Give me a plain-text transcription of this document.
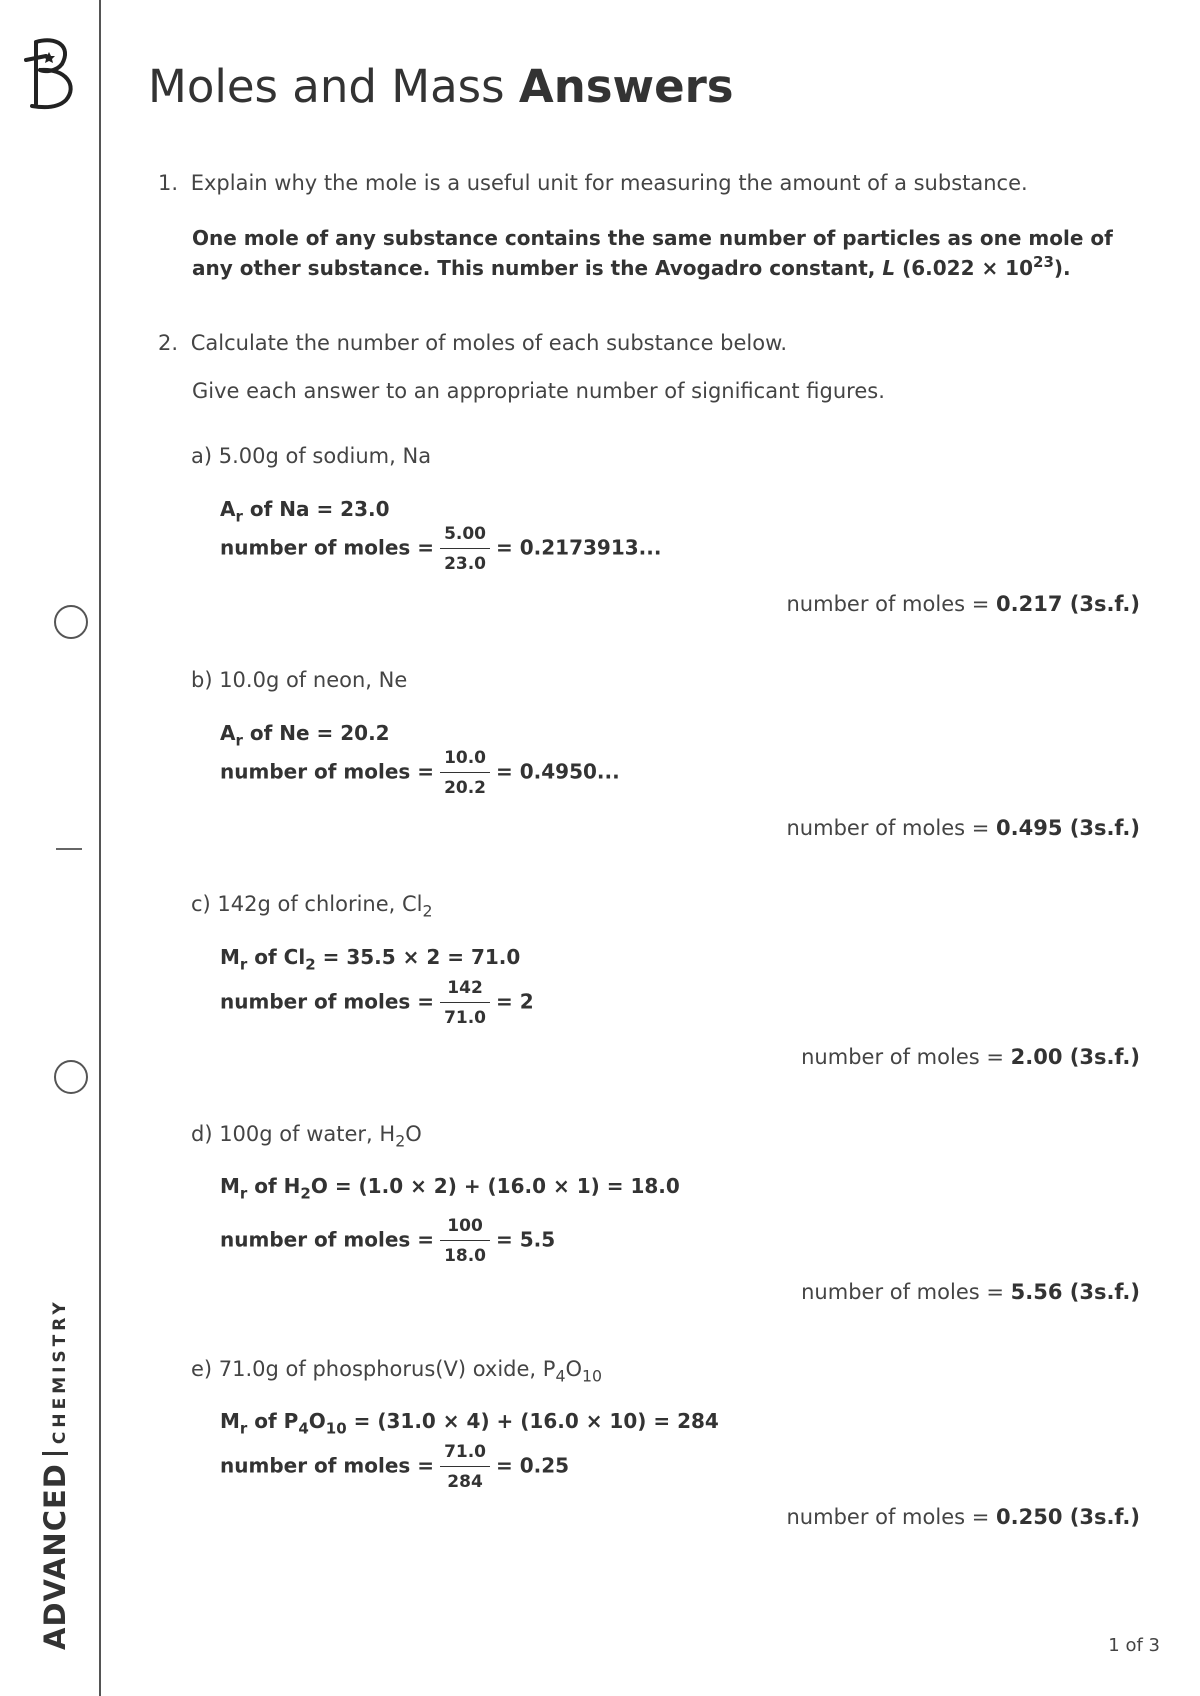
ADVANCEDCHEMISTRY
Moles and Mass Answers
1. Explain why the mole is a useful unit for measuring the amount of a substance.
One mole of any substance contains the same number of particles as one mole of
any other substance. This number is the Avogadro constant, L $(6.022 \times 10^{23})$.
2. Calculate the number of moles of each substance below.
Give each answer to an appropriate number of significant figures.
a) 5.00g of sodium, Na
$A_r$ of Na = 23.0
number of moles = $\frac{5.00}{23.0} = 0.2173913$...
number of moles = 0.217 (3s.f.)
b) 10.0g of neon, Ne
$A_r$ of Ne = 20.2
number of moles = $\frac{10.0}{20.2} = 0.4950$...
number of moles = 0.495 (3s.f.)
c) 142g of chlorine, $Cl_2$
$M_r$ of $Cl_2 = 35.5 \times 2 = 71.0$
number of moles = $\frac{142}{71.0} = 2$
number of moles = 2.00 (3s.f.)
d) 100g of water, $H_2O$
$M_r$ of $H_2O = (1.0 \times 2) + (16.0 \times 1) = 18.0$
number of moles = $\frac{100}{18.0} = 5.5$
number of moles = 5.56 (3s.f.)
e) 71.0g of phosphorus(V) oxide, $P_4O_{10}$
$M_r$ of $P_4O_{10} = (31.0 \times 4) + (16.0 \times 10) = 284$
number of moles = $\frac{71.0}{284} = 0.25$
number of moles = 0.250 (3s.f.)
1 of 3
